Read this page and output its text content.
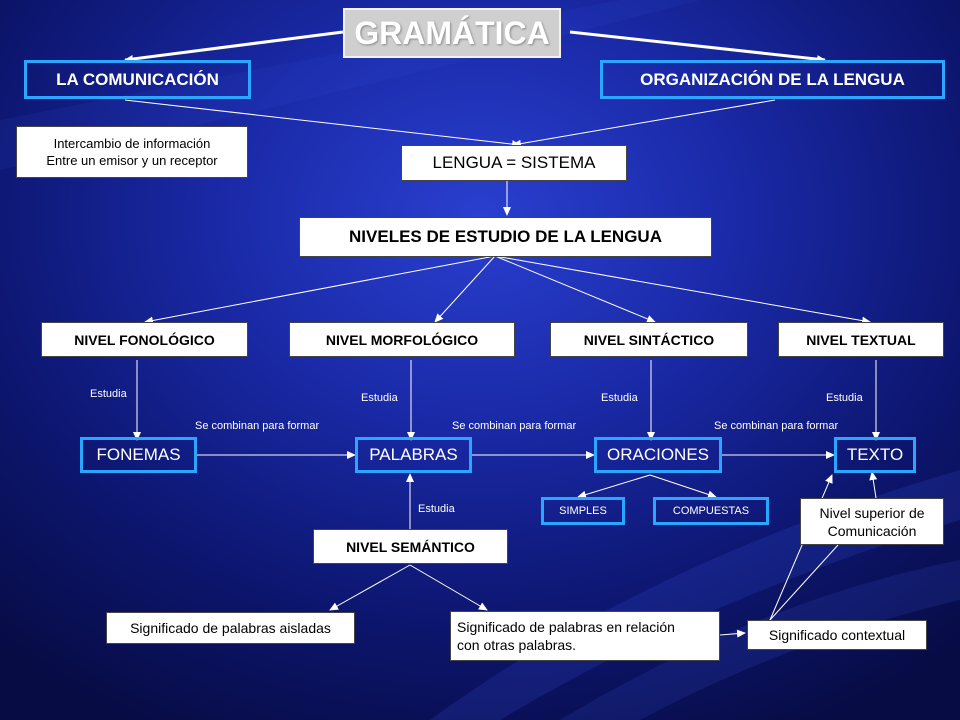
GRAMÁTICA
LA COMUNICACIÓN	ORGANIZACIÓN DE LA LENGUA
Intercambio de información
Entre un emisor y un receptor	LENGUA = SISTEMA
NIVELES DE ESTUDIO DE LA LENGUA
NIVEL FONOLÓGICO	NIVEL MORFOLÓGICO	NIVEL SINTÁCTICO	NIVEL TEXTUAL
Estudia	Estudia	Estudia	Estudia
Se combinan para formar	Se combinan para formar	Se combinan para formar
FONEMAS	PALABRAS	ORACIONES	TEXTO
SIMPLES	COMPUESTAS	Nivel superior de
Comunicación
Estudia
NIVEL SEMÁNTICO
Significado de palabras aisladas	Significado de palabras en relación
con otras palabras.
Significado contextual
